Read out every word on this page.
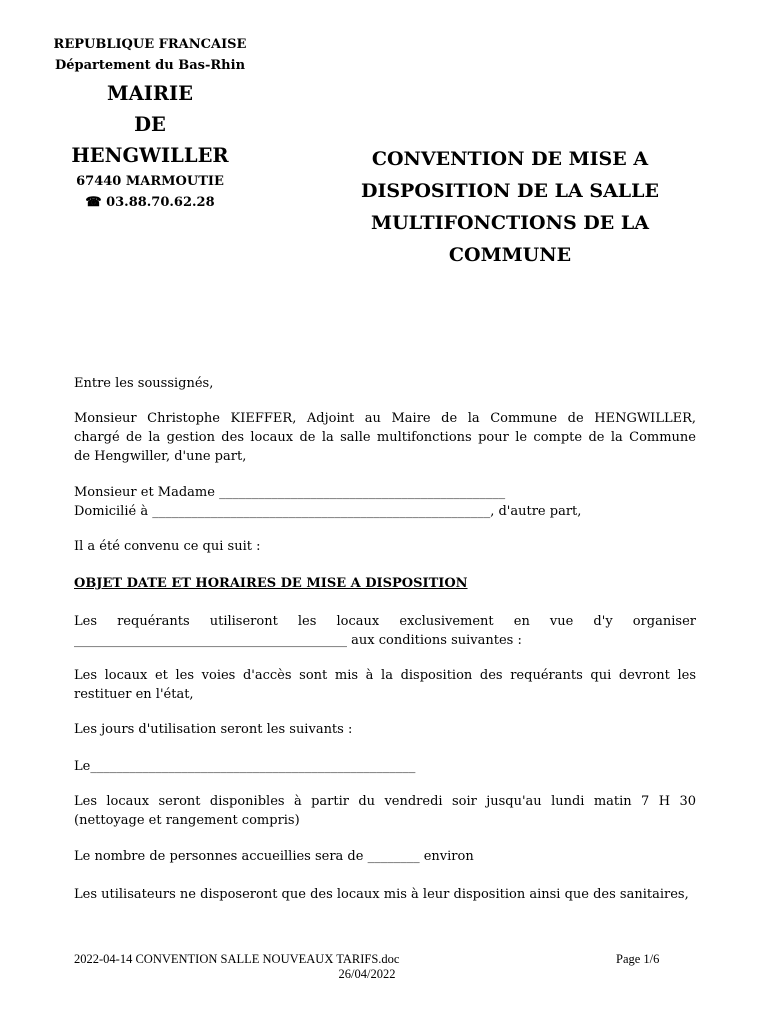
REPUBLIQUE FRANCAISE
Département du Bas-Rhin
MAIRIE
DE
HENGWILLER
67440 MARMOUTIE
☎ 03.88.70.62.28
CONVENTION DE MISE A
DISPOSITION DE LA SALLE
MULTIFONCTIONS DE LA
COMMUNE

Entre les soussignés,

Monsieur Christophe KIEFFER, Adjoint au Maire de la Commune de HENGWILLER,

chargé de la gestion des locaux de la salle multifonctions pour le compte de la Commune

de Hengwiller, d'une part,

Monsieur et Madame ____________________________________________

Domicilié à ____________________________________________________, d'autre part,

Il a été convenu ce qui suit :

OBJET DATE ET HORAIRES DE MISE A DISPOSITION

Les requérants utiliseront les locaux exclusivement en vue d'y organiser

__________________________________________ aux conditions suivantes :

Les locaux et les voies d'accès sont mis à la disposition des requérants qui devront les restituer en l'état,

Les jours d'utilisation seront les suivants :

Le__________________________________________________

Les locaux seront disponibles à partir du vendredi soir jusqu'au lundi matin 7 H 30 (nettoyage et rangement compris)

Le nombre de personnes accueillies sera de ________ environ

Les utilisateurs ne disposeront que des locaux mis à leur disposition ainsi que des sanitaires,

2022-04-14 CONVENTION SALLE NOUVEAUX TARIFS.doc	Page 1/6
26/04/2022
